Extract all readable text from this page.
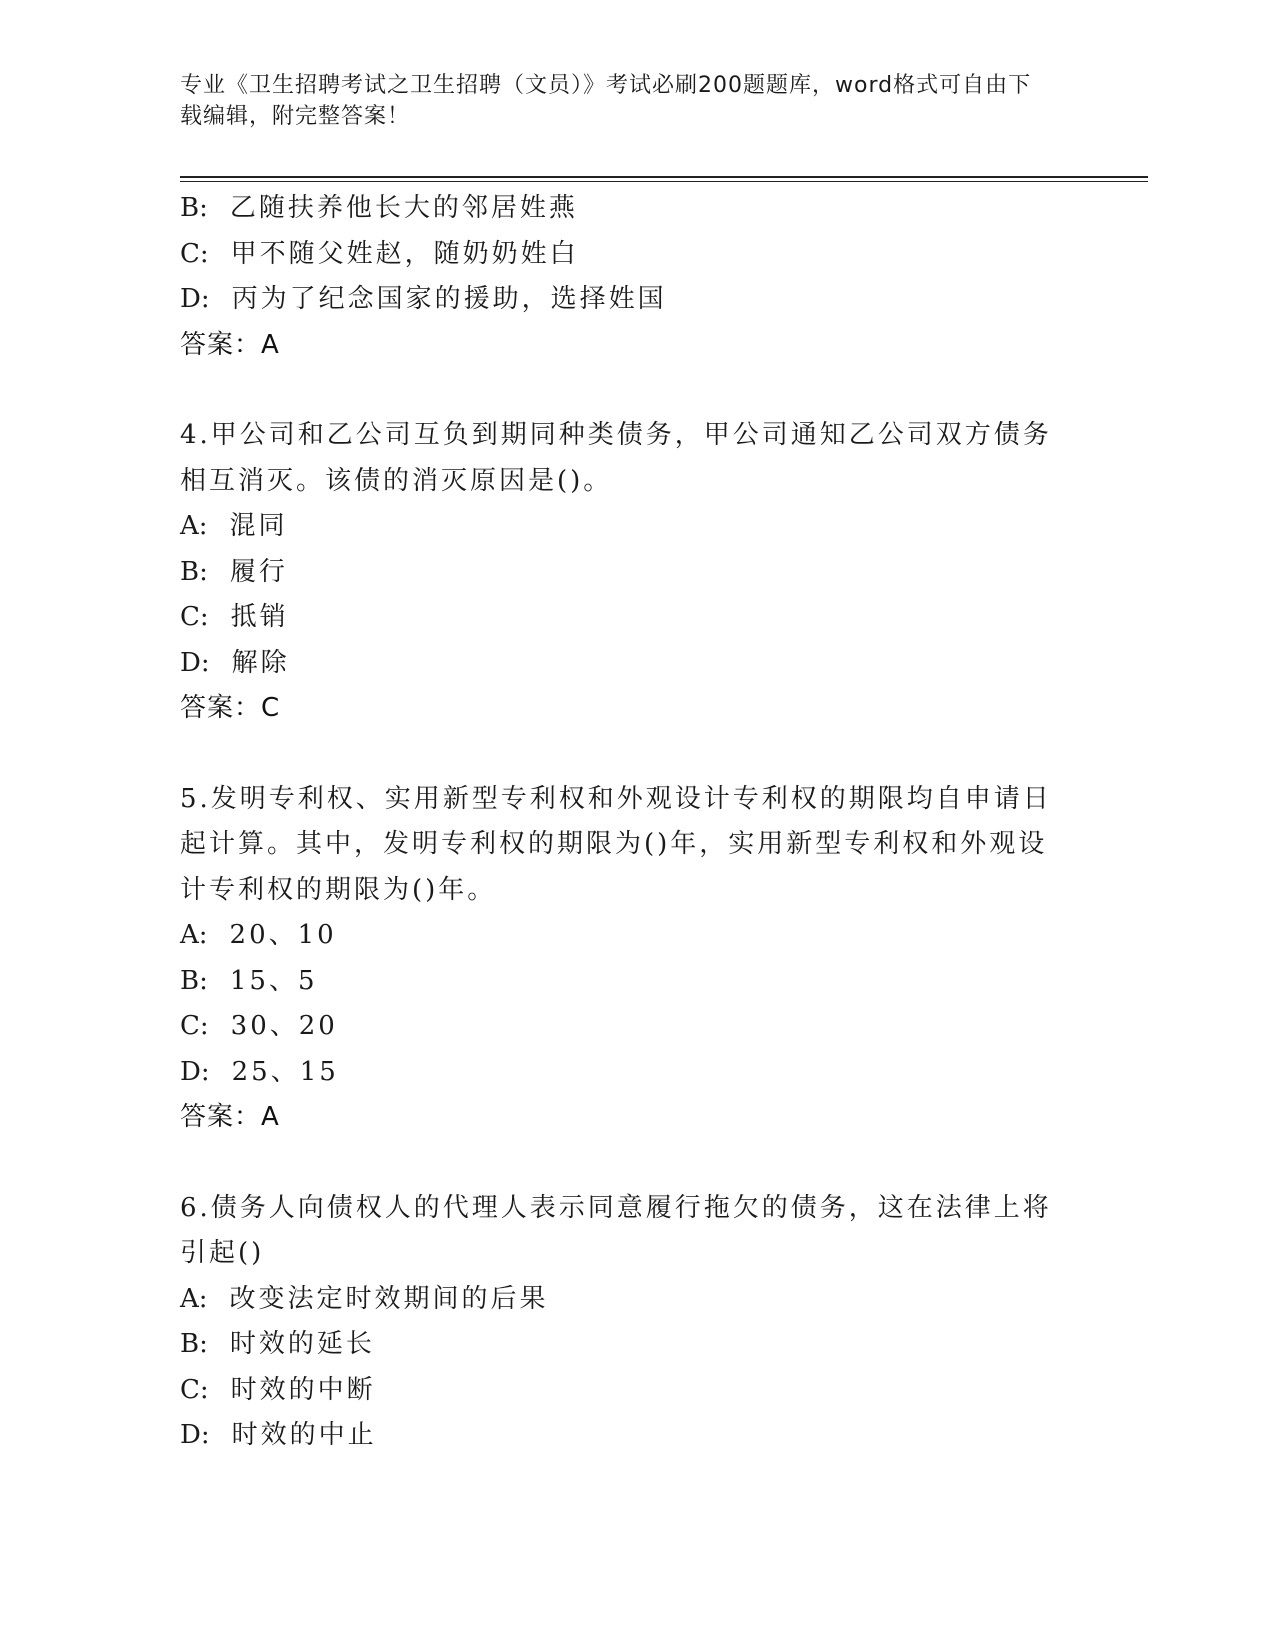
专业《卫生招聘考试之卫生招聘（文员）》考试必刷200题题库，word格式可自由下载编辑，附完整答案！
B: 乙随扶养他长大的邻居姓燕
C: 甲不随父姓赵，随奶奶姓白
D: 丙为了纪念国家的援助，选择姓国
答案：A
4.甲公司和乙公司互负到期同种类债务，甲公司通知乙公司双方债务相互消灭。该债的消灭原因是()。
A: 混同
B: 履行
C: 抵销
D: 解除
答案：C
5.发明专利权、实用新型专利权和外观设计专利权的期限均自申请日起计算。其中，发明专利权的期限为()年，实用新型专利权和外观设计专利权的期限为()年。
A: 20、10
B: 15、5
C: 30、20
D: 25、15
答案：A
6.债务人向债权人的代理人表示同意履行拖欠的债务，这在法律上将引起()
A: 改变法定时效期间的后果
B: 时效的延长
C: 时效的中断
D: 时效的中止
